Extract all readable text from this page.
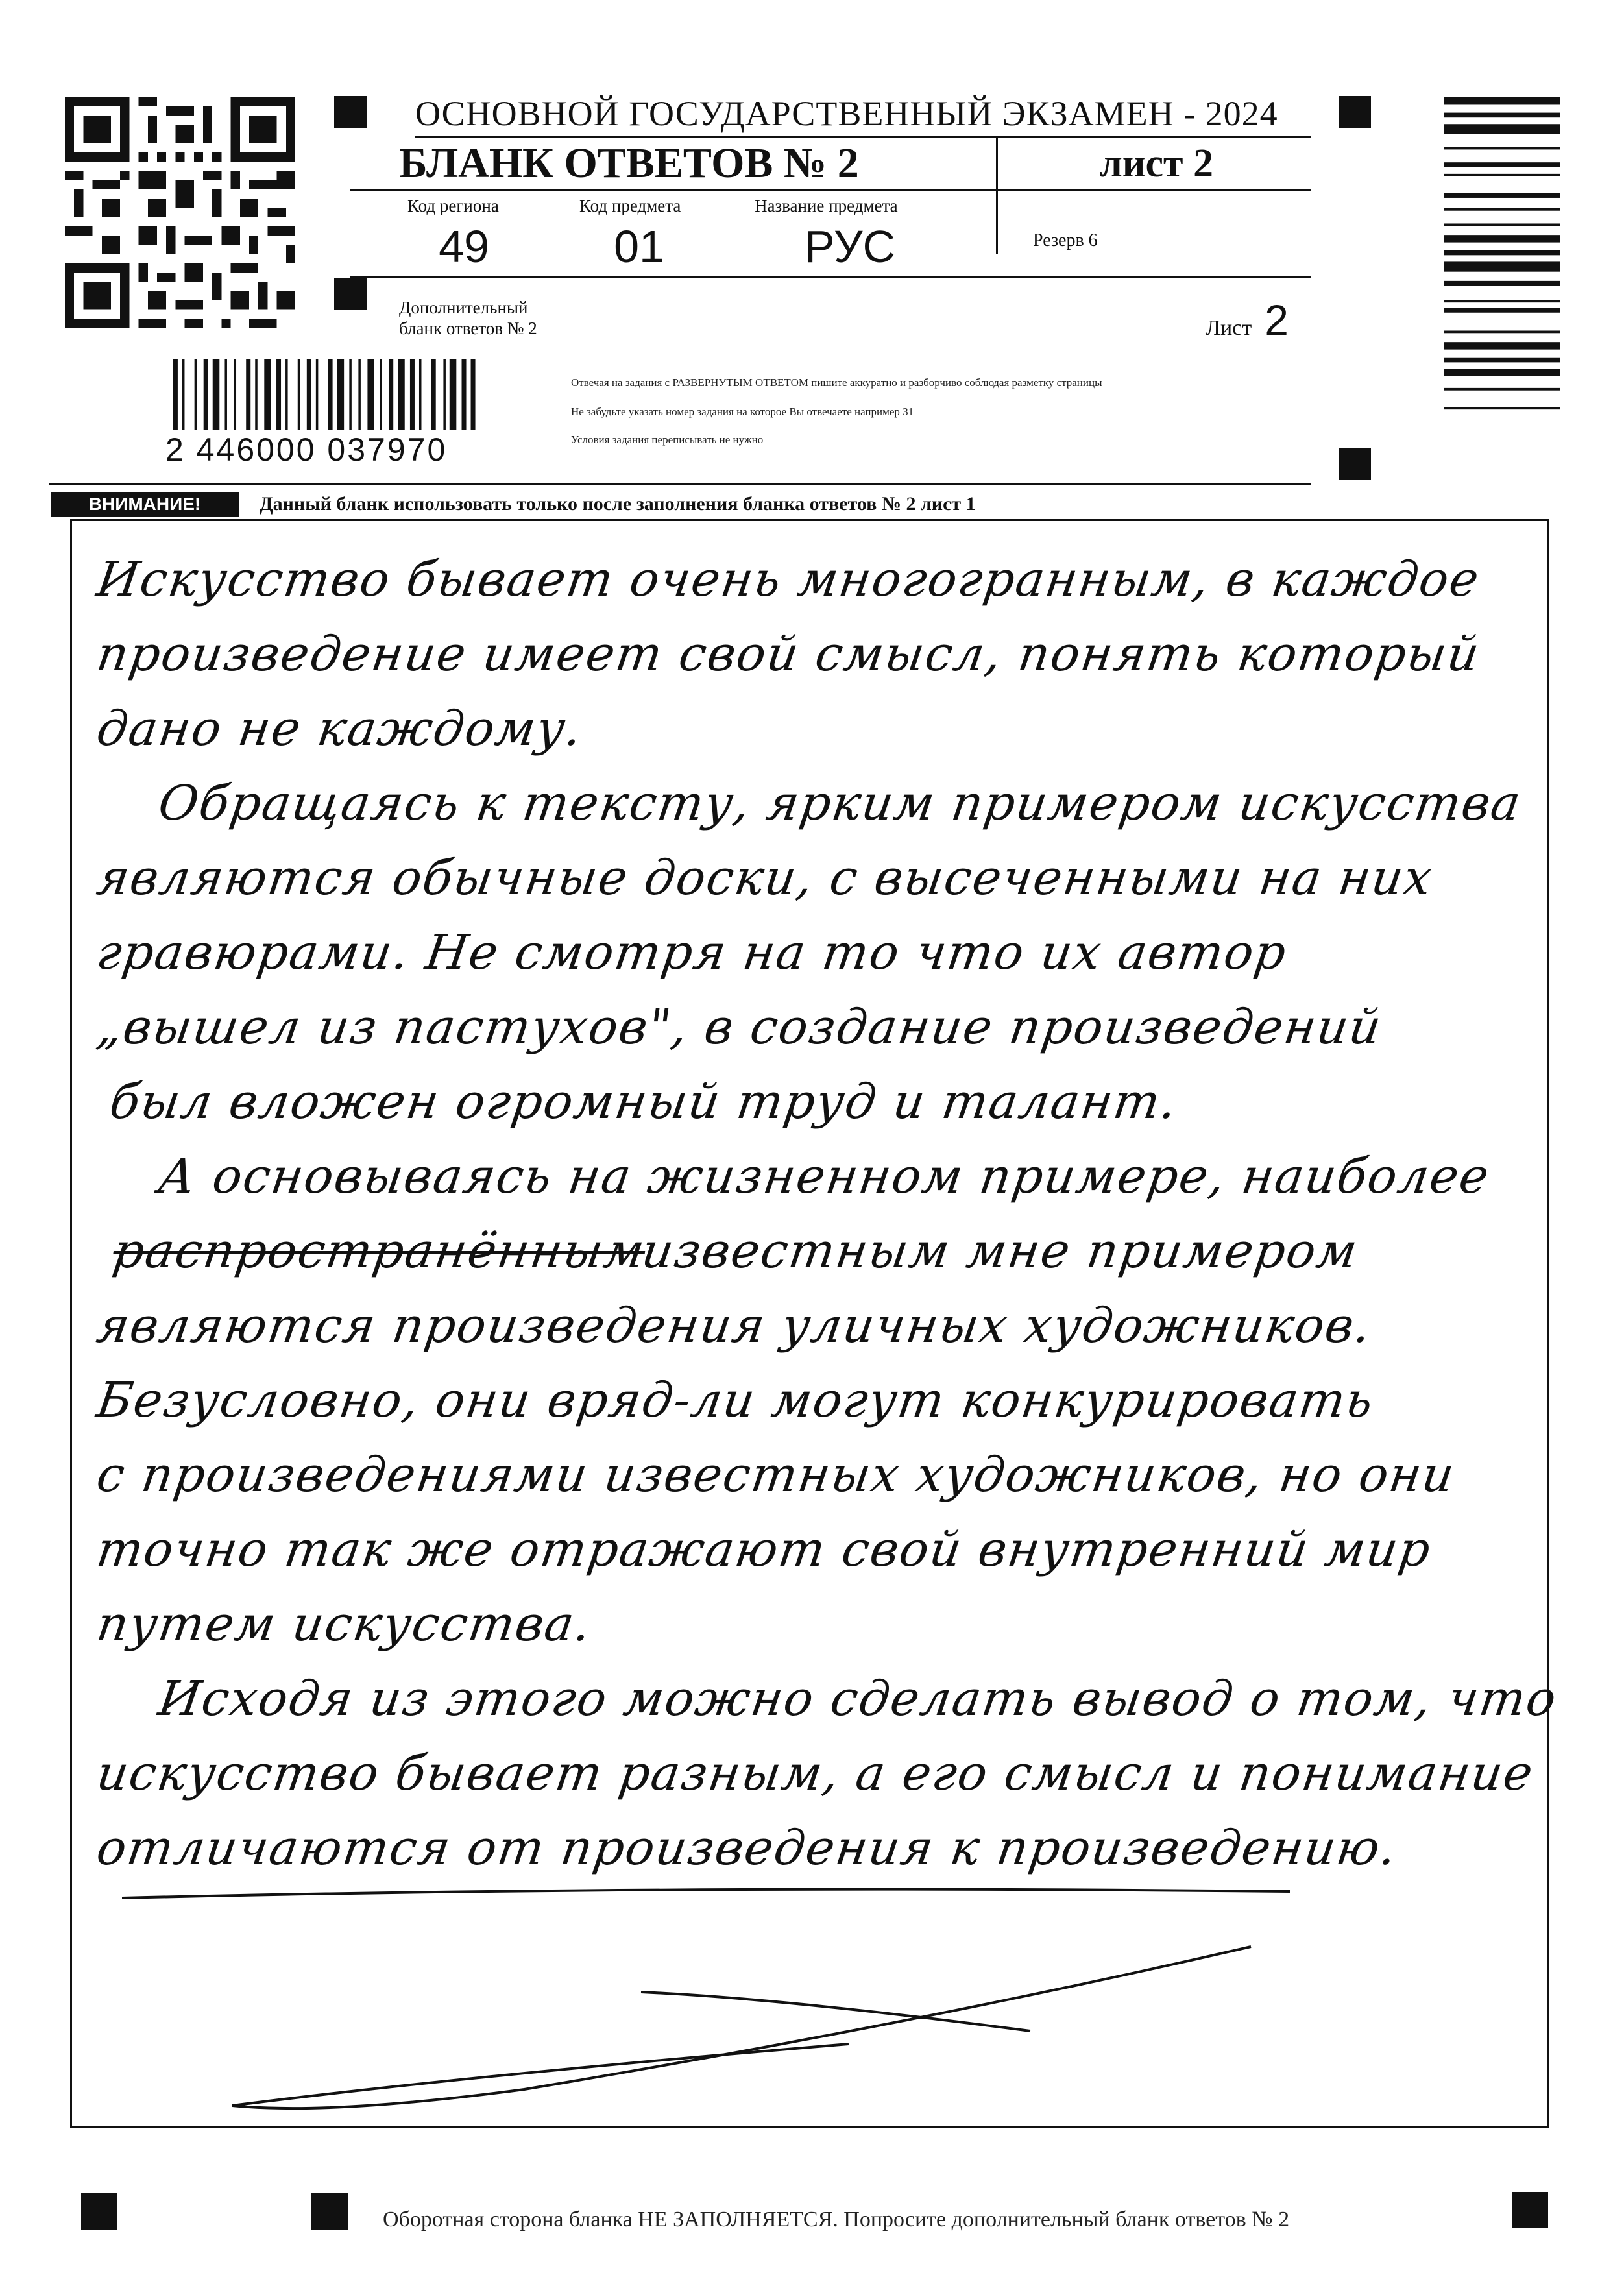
ОСНОВНОЙ ГОСУДАРСТВЕННЫЙ ЭКЗАМЕН - 2024
БЛАНК ОТВЕТОВ № 2	лист 2
Код региона	Код предмета	Название предмета
49	01	РУС	Резерв 6
Дополнительный
бланк ответов № 2	Лист 2
2 446000 037970
Отвечая на задания с РАЗВЕРНУТЫМ ОТВЕТОМ пишите аккуратно и разборчиво соблюдая разметку страницы
Не забудьте указать номер задания на которое Вы отвечаете например 31
Условия задания переписывать не нужно
ВНИМАНИЕ!	Данный бланк использовать только после заполнения бланка ответов № 2 лист 1
Искусство бывает очень многогранным, в каждое
произведение имеет свой смысл, понять который
дано не каждому.
Обращаясь к тексту, ярким примером искусства
являются обычные доски, с высеченными на них
гравюрами. Не смотря на то что их автор
„вышел из пастухов", в создание произведений
был вложен огромный труд и талант.
А основываясь на жизненном примере, наиболее
распространённым
известным мне примером
являются произведения уличных художников.
Безусловно, они вряд-ли могут конкурировать
с произведениями известных художников, но они
точно так же отражают свой внутренний мир
путем искусства.
Исходя из этого можно сделать вывод о том, что
искусство бывает разным, а его смысл и понимание
отличаются от произведения к произведению.
Оборотная сторона бланка НЕ ЗАПОЛНЯЕТСЯ. Попросите дополнительный бланк ответов № 2
